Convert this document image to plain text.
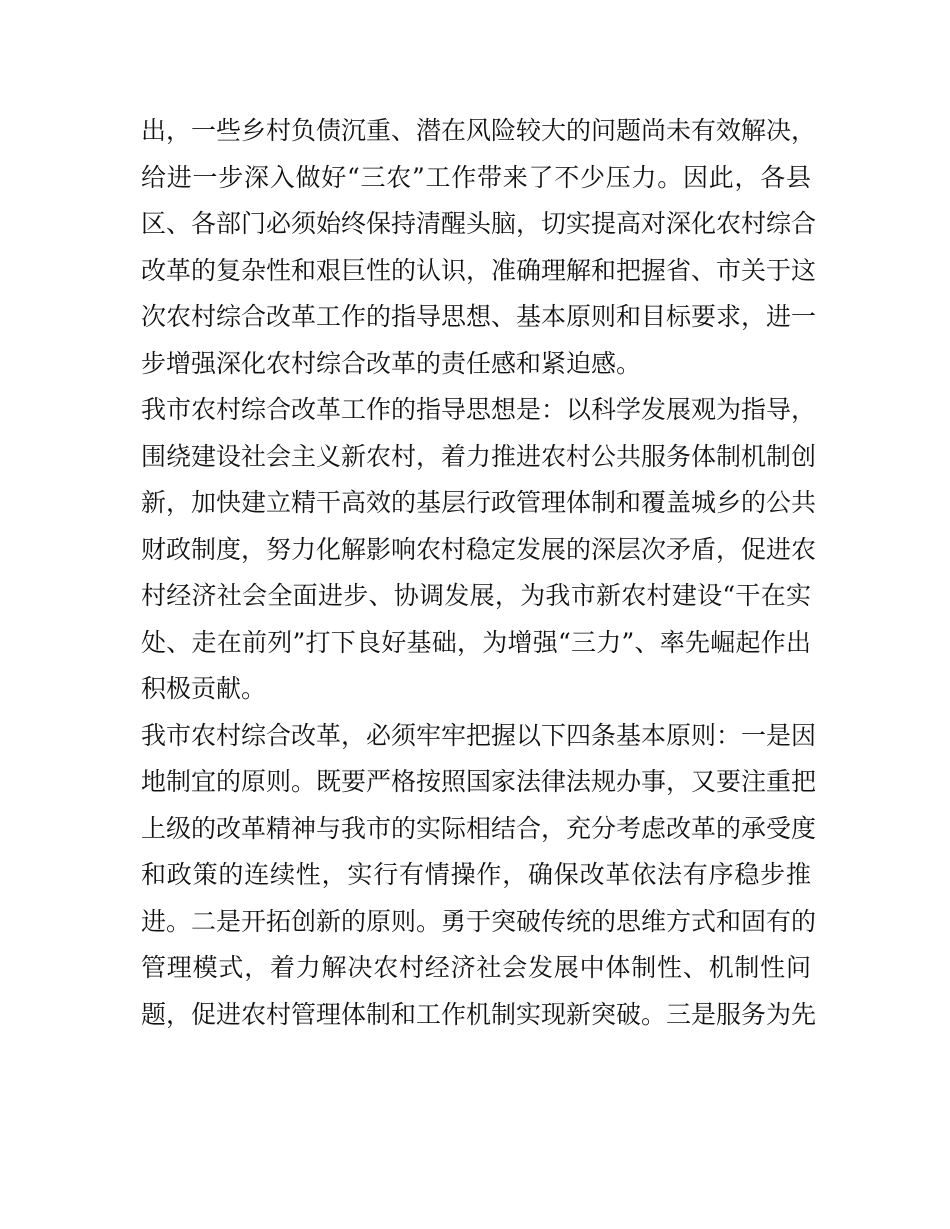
出，一些乡村负债沉重、潜在风险较大的问题尚未有效解决，
给进一步深入做好“三农”工作带来了不少压力。因此，各县
区、各部门必须始终保持清醒头脑，切实提高对深化农村综合
改革的复杂性和艰巨性的认识，准确理解和把握省、市关于这
次农村综合改革工作的指导思想、基本原则和目标要求，进一
步增强深化农村综合改革的责任感和紧迫感。
我市农村综合改革工作的指导思想是：以科学发展观为指导，
围绕建设社会主义新农村，着力推进农村公共服务体制机制创
新，加快建立精干高效的基层行政管理体制和覆盖城乡的公共
财政制度，努力化解影响农村稳定发展的深层次矛盾，促进农
村经济社会全面进步、协调发展，为我市新农村建设“干在实
处、走在前列”打下良好基础，为增强“三力”、率先崛起作出
积极贡献。
我市农村综合改革，必须牢牢把握以下四条基本原则：一是因
地制宜的原则。既要严格按照国家法律法规办事，又要注重把
上级的改革精神与我市的实际相结合，充分考虑改革的承受度
和政策的连续性，实行有情操作，确保改革依法有序稳步推
进。二是开拓创新的原则。勇于突破传统的思维方式和固有的
管理模式，着力解决农村经济社会发展中体制性、机制性问
题，促进农村管理体制和工作机制实现新突破。三是服务为先
